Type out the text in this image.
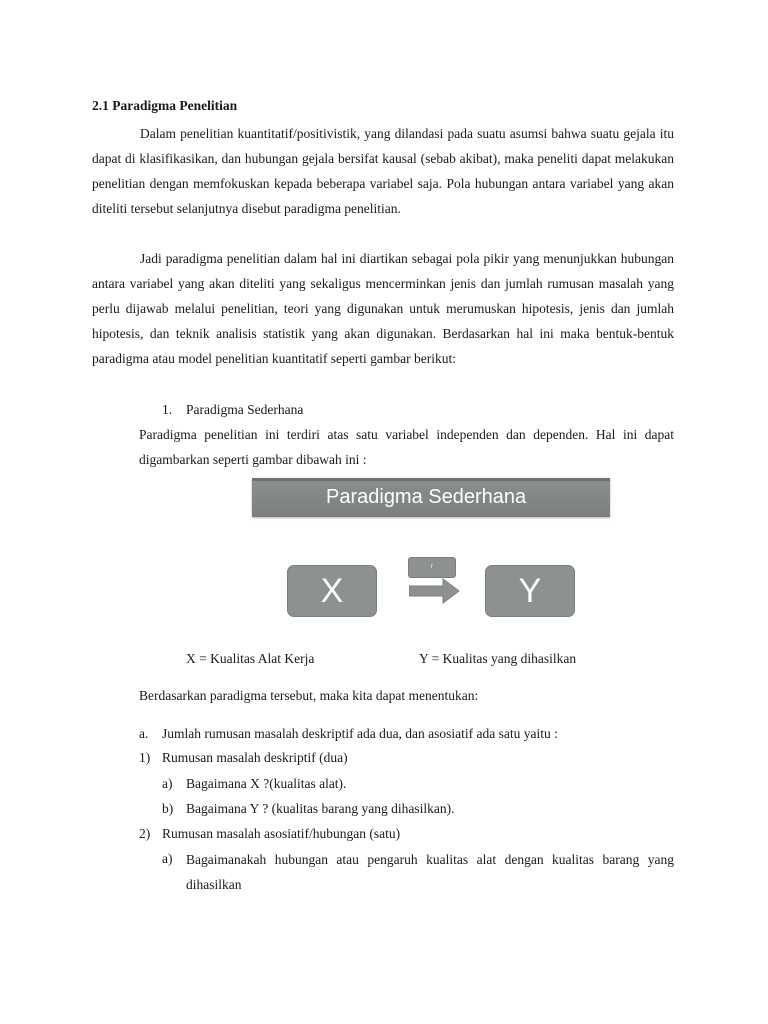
2.1 Paradigma Penelitian

Dalam penelitian kuantitatif/positivistik, yang dilandasi pada suatu asumsi bahwa suatu gejala itu dapat di klasifikasikan, dan hubungan gejala bersifat kausal (sebab akibat), maka peneliti dapat melakukan penelitian dengan memfokuskan kepada beberapa variabel saja. Pola hubungan antara variabel yang akan diteliti tersebut selanjutnya disebut paradigma penelitian.

Jadi paradigma penelitian dalam hal ini diartikan sebagai pola pikir yang menunjukkan hubungan antara variabel yang akan diteliti yang sekaligus mencerminkan jenis dan jumlah rumusan masalah yang perlu dijawab melalui penelitian, teori yang digunakan untuk merumuskan hipotesis, jenis dan jumlah hipotesis, dan teknik analisis statistik yang akan digunakan. Berdasarkan hal ini maka bentuk-bentuk paradigma atau model penelitian kuantitatif seperti gambar berikut:

1. Paradigma Sederhana

Paradigma penelitian ini terdiri atas satu variabel independen dan dependen. Hal ini dapat digambarkan seperti gambar dibawah ini :

Paradigma Sederhana
X
r
Y
X = Kualitas Alat Kerja	Y = Kualitas yang dihasilkan
Berdasarkan paradigma tersebut, maka kita dapat menentukan:
a. Jumlah rumusan masalah deskriptif ada dua, dan asosiatif ada satu yaitu :
1) Rumusan masalah deskriptif (dua)
a) Bagaimana X ?(kualitas alat).
b) Bagaimana Y ? (kualitas barang yang dihasilkan).
2) Rumusan masalah asosiatif/hubungan (satu)
a) Bagaimanakah hubungan atau pengaruh kualitas alat dengan kualitas barang yang dihasilkan
